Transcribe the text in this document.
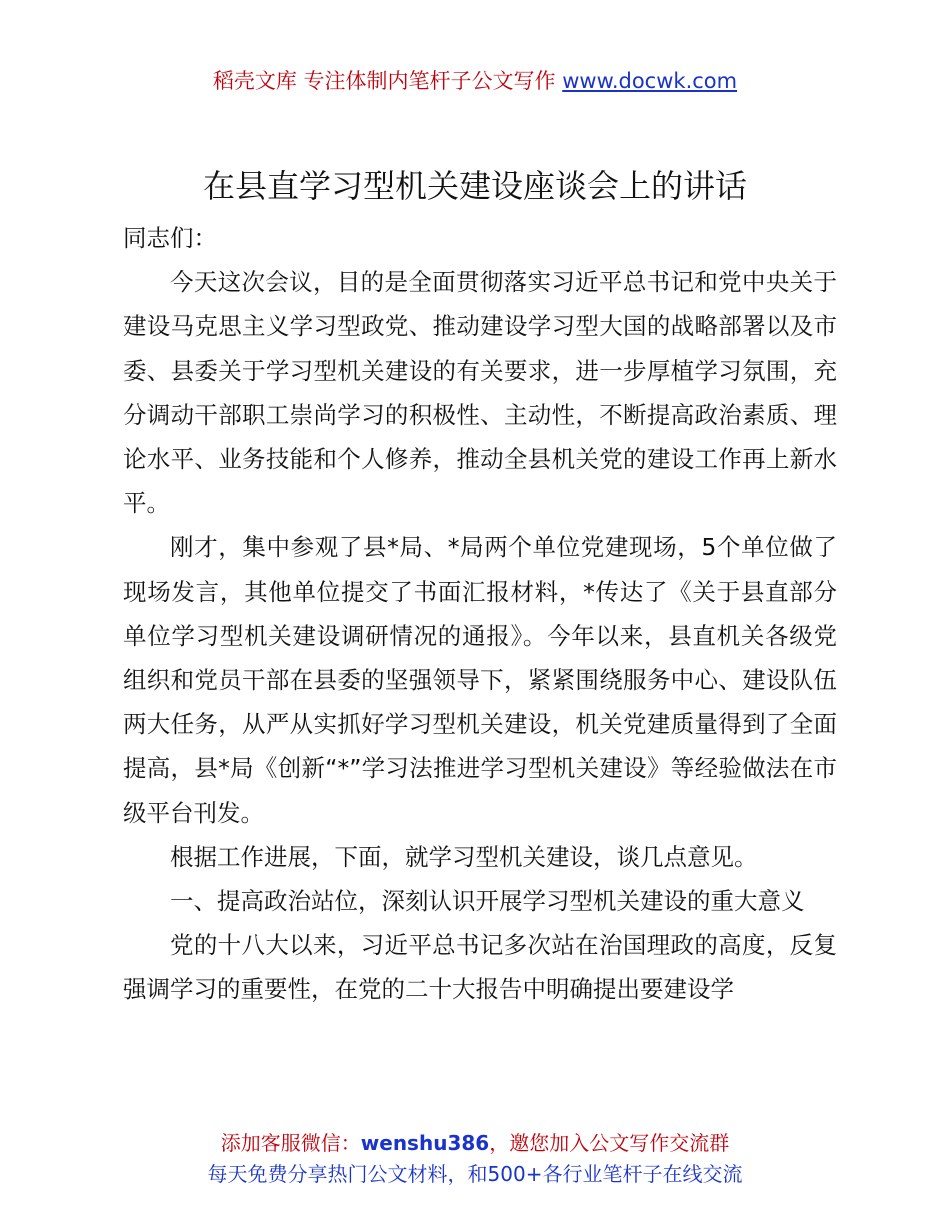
稻壳文库 专注体制内笔杆子公文写作 www.docwk.com
在县直学习型机关建设座谈会上的讲话

同志们：

今天这次会议，目的是全面贯彻落实习近平总书记和党中央关于建设马克思主义学习型政党、推动建设学习型大国的战略部署以及市委、县委关于学习型机关建设的有关要求，进一步厚植学习氛围，充分调动干部职工崇尚学习的积极性、主动性，不断提高政治素质、理论水平、业务技能和个人修养，推动全县机关党的建设工作再上新水平。

刚才，集中参观了县*局、*局两个单位党建现场，5个单位做了现场发言，其他单位提交了书面汇报材料，*传达了《关于县直部分单位学习型机关建设调研情况的通报》。今年以来，县直机关各级党组织和党员干部在县委的坚强领导下，紧紧围绕服务中心、建设队伍两大任务，从严从实抓好学习型机关建设，机关党建质量得到了全面提高，县*局《创新“*”学习法推进学习型机关建设》等经验做法在市级平台刊发。

根据工作进展，下面，就学习型机关建设，谈几点意见。

一、提高政治站位，深刻认识开展学习型机关建设的重大意义

党的十八大以来，习近平总书记多次站在治国理政的高度，反复强调学习的重要性，在党的二十大报告中明确提出要建设学

添加客服微信：wenshu386，邀您加入公文写作交流群
每天免费分享热门公文材料，和500+各行业笔杆子在线交流
